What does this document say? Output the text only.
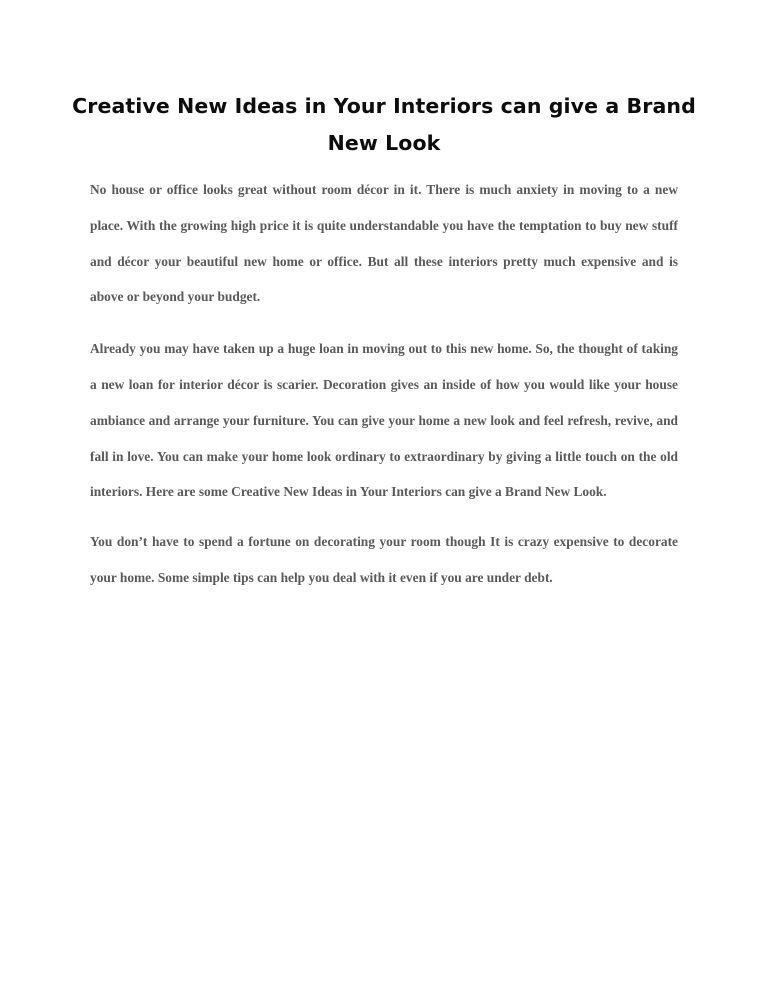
Creative New Ideas in Your Interiors can give a Brand New Look

No house or office looks great without room décor in it. There is much anxiety in moving to a new place. With the growing high price it is quite understandable you have the temptation to buy new stuff and décor your beautiful new home or office. But all these interiors pretty much expensive and is above or beyond your budget.

Already you may have taken up a huge loan in moving out to this new home. So, the thought of taking a new loan for interior décor is scarier. Decoration gives an inside of how you would like your house ambiance and arrange your furniture. You can give your home a new look and feel refresh, revive, and fall in love. You can make your home look ordinary to extraordinary by giving a little touch on the old interiors. Here are some Creative New Ideas in Your Interiors can give a Brand New Look.

You don’t have to spend a fortune on decorating your room though It is crazy expensive to decorate your home. Some simple tips can help you deal with it even if you are under debt.
